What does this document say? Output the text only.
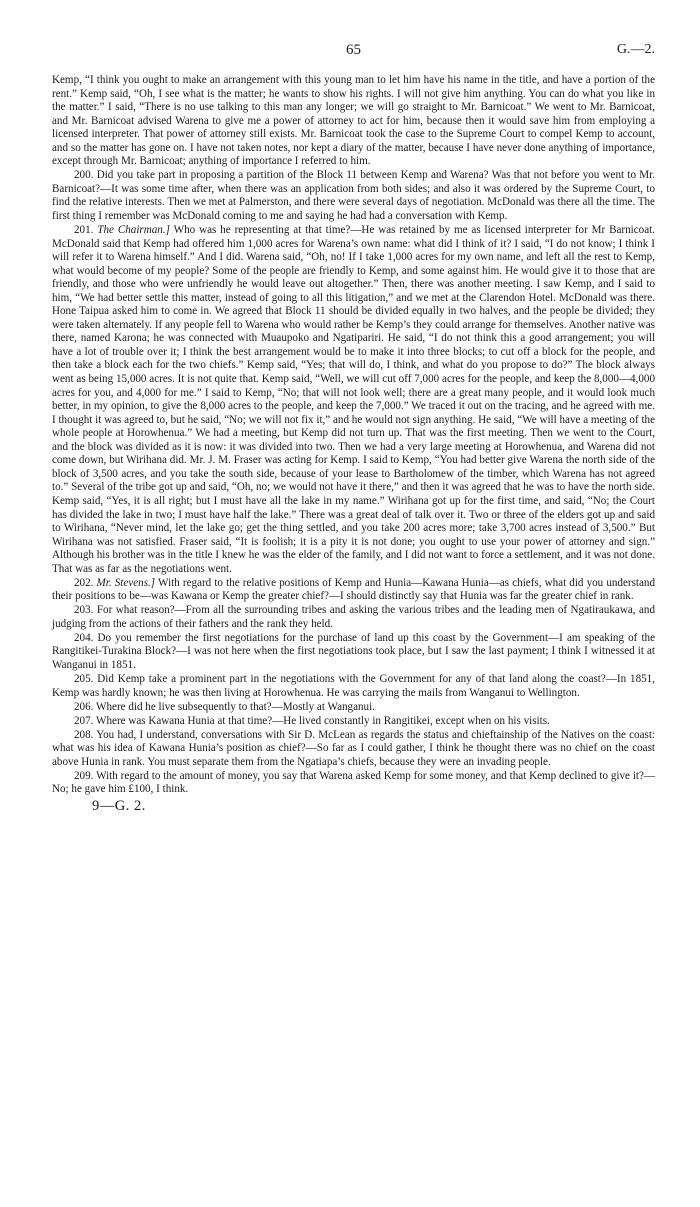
65	G.—2.

Kemp, “I think you ought to make an arrangement with this young man to let him have his name in the title, and have a portion of the rent.” Kemp said, “Oh, I see what is the matter; he wants to show his rights. I will not give him anything. You can do what you like in the matter.” I said, “There is no use talking to this man any longer; we will go straight to Mr. Barnicoat.” We went to Mr. Barnicoat, and Mr. Barnicoat advised Warena to give me a power of attorney to act for him, because then it would save him from employing a licensed interpreter. That power of attorney still exists. Mr. Barnicoat took the case to the Supreme Court to compel Kemp to account, and so the matter has gone on. I have not taken notes, nor kept a diary of the matter, because I have never done anything of importance, except through Mr. Barnicoat; anything of importance I referred to him.

200. Did you take part in proposing a partition of the Block 11 between Kemp and Warena? Was that not before you went to Mr. Barnicoat?—It was some time after, when there was an application from both sides; and also it was ordered by the Supreme Court, to find the relative interests. Then we met at Palmerston, and there were several days of negotiation. McDonald was there all the time. The first thing I remember was McDonald coming to me and saying he had had a conversation with Kemp.

201. The Chairman.] Who was he representing at that time?—He was retained by me as licensed interpreter for Mr Barnicoat. McDonald said that Kemp had offered him 1,000 acres for Warena’s own name: what did I think of it? I said, “I do not know; I think I will refer it to Warena himself.” And I did. Warena said, “Oh, no! If I take 1,000 acres for my own name, and left all the rest to Kemp, what would become of my people? Some of the people are friendly to Kemp, and some against him. He would give it to those that are friendly, and those who were unfriendly he would leave out altogether.” Then, there was another meeting. I saw Kemp, and I said to him, “We had better settle this matter, instead of going to all this litigation,” and we met at the Clarendon Hotel. McDonald was there. Hone Taipua asked him to come in. We agreed that Block 11 should be divided equally in two halves, and the people be divided; they were taken alternately. If any people fell to Warena who would rather be Kemp’s they could arrange for themselves. Another native was there, named Karona; he was connected with Muaupoko and Ngatipariri. He said, “I do not think this a good arrangement; you will have a lot of trouble over it; I think the best arrangement would be to make it into three blocks; to cut off a block for the people, and then take a block each for the two chiefs.” Kemp said, “Yes; that will do, I think, and what do you propose to do?” The block always went as being 15,000 acres. It is not quite that. Kemp said, “Well, we will cut off 7,000 acres for the people, and keep the 8,000—4,000 acres for you, and 4,000 for me.” I said to Kemp, “No; that will not look well; there are a great many people, and it would look much better, in my opinion, to give the 8,000 acres to the people, and keep the 7,000.” We traced it out on the tracing, and he agreed with me. I thought it was agreed to, but he said, “No; we will not fix it,” and he would not sign anything. He said, “We will have a meeting of the whole people at Horowhenua.” We had a meeting, but Kemp did not turn up. That was the first meeting. Then we went to the Court, and the block was divided as it is now: it was divided into two. Then we had a very large meeting at Horowhenua, and Warena did not come down, but Wirihana did. Mr. J. M. Fraser was acting for Kemp. I said to Kemp, “You had better give Warena the north side of the block of 3,500 acres, and you take the south side, because of your lease to Bartholomew of the timber, which Warena has not agreed to.” Several of the tribe got up and said, “Oh, no; we would not have it there,” and then it was agreed that he was to have the north side. Kemp said, “Yes, it is all right; but I must have all the lake in my name.” Wirihana got up for the first time, and said, “No; the Court has divided the lake in two; I must have half the lake.” There was a great deal of talk over it. Two or three of the elders got up and said to Wirihana, “Never mind, let the lake go; get the thing settled, and you take 200 acres more; take 3,700 acres instead of 3,500.” But Wirihana was not satisfied. Fraser said, “It is foolish; it is a pity it is not done; you ought to use your power of attorney and sign.” Although his brother was in the title I knew he was the elder of the family, and I did not want to force a settlement, and it was not done. That was as far as the negotiations went.

202. Mr. Stevens.] With regard to the relative positions of Kemp and Hunia—Kawana Hunia—as chiefs, what did you understand their positions to be—was Kawana or Kemp the greater chief?—I should distinctly say that Hunia was far the greater chief in rank.

203. For what reason?—From all the surrounding tribes and asking the various tribes and the leading men of Ngatiraukawa, and judging from the actions of their fathers and the rank they held.

204. Do you remember the first negotiations for the purchase of land up this coast by the Government—I am speaking of the Rangitikei-Turakina Block?—I was not here when the first negotiations took place, but I saw the last payment; I think I witnessed it at Wanganui in 1851.

205. Did Kemp take a prominent part in the negotiations with the Government for any of that land along the coast?—In 1851, Kemp was hardly known; he was then living at Horowhenua. He was carrying the mails from Wanganui to Wellington.

206. Where did he live subsequently to that?—Mostly at Wanganui.

207. Where was Kawana Hunia at that time?—He lived constantly in Rangitikei, except when on his visits.

208. You had, I understand, conversations with Sir D. McLean as regards the status and chieftainship of the Natives on the coast: what was his idea of Kawana Hunia’s position as chief?—So far as I could gather, I think he thought there was no chief on the coast above Hunia in rank. You must separate them from the Ngatiapa’s chiefs, because they were an invading people.

209. With regard to the amount of money, you say that Warena asked Kemp for some money, and that Kemp declined to give it?—No; he gave him £100, I think.

9—G. 2.
